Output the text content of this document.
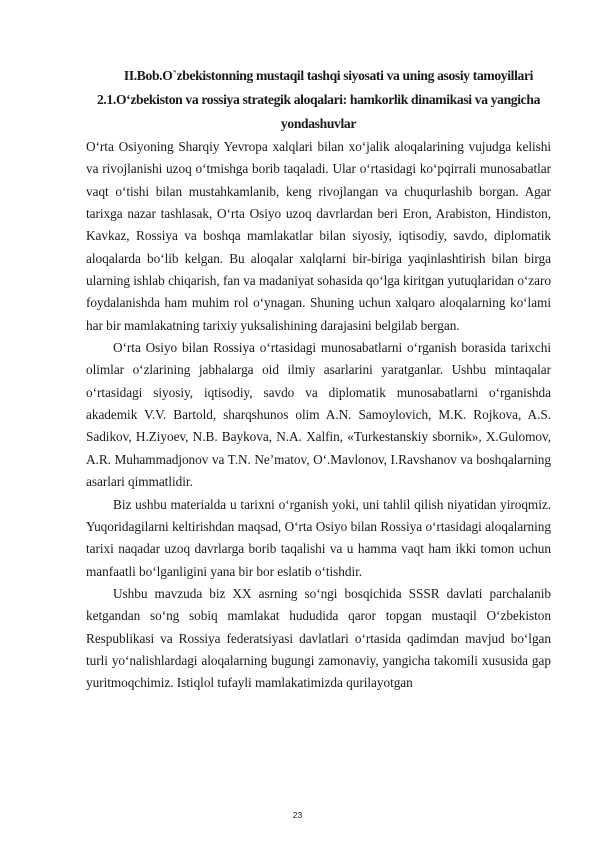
II.Bob.O`zbekistonning mustaqil tashqi siyosati va uning asosiy tamoyillari
2.1.O‘zbekiston va rossiya strategik aloqalari: hamkorlik dinamikasi va yangicha yondashuvlar

O‘rta Osiyoning Sharqiy Yevropa xalqlari bilan xo‘jalik aloqalarining vujudga kelishi va rivojlanishi uzoq o‘tmishga borib taqaladi. Ular o‘rtasidagi ko‘pqirrali munosabatlar vaqt o‘tishi bilan mustahkamlanib, keng rivojlangan va chuqurlashib borgan. Agar tarixga nazar tashlasak, O‘rta Osiyo uzoq davrlardan beri Eron, Arabiston, Hindiston, Kavkaz, Rossiya va boshqa mamlakatlar bilan siyosiy, iqtisodiy, savdo, diplomatik aloqalarda bo‘lib kelgan. Bu aloqalar xalqlarni bir-biriga yaqinlashtirish bilan birga ularning ishlab chiqarish, fan va madaniyat sohasida qo‘lga kiritgan yutuqlaridan o‘zaro foydalanishda ham muhim rol o‘ynagan. Shuning uchun xalqaro aloqalarning ko‘lami har bir mamlakatning tarixiy yuksalishining darajasini belgilab bergan.

O‘rta Osiyo bilan Rossiya o‘rtasidagi munosabatlarni o‘rganish borasida tarixchi olimlar o‘zlarining jabhalarga oid ilmiy asarlarini yaratganlar. Ushbu mintaqalar o‘rtasidagi siyosiy, iqtisodiy, savdo va diplomatik munosabatlarni o‘rganishda akademik V.V. Bartold, sharqshunos olim A.N. Samoylovich, M.K. Rojkova, A.S. Sadikov, H.Ziyoev, N.B. Baykova, N.A. Xalfin, «Turkestanskiy sbornik», X.Gulomov, A.R. Muhammadjonov va T.N. Ne’matov, O‘.Mavlonov, I.Ravshanov va boshqalarning asarlari qimmatlidir.

Biz ushbu materialda u tarixni o‘rganish yoki, uni tahlil qilish niyatidan yiroqmiz. Yuqoridagilarni keltirishdan maqsad, O‘rta Osiyo bilan Rossiya o‘rtasidagi aloqalarning tarixi naqadar uzoq davrlarga borib taqalishi va u hamma vaqt ham ikki tomon uchun manfaatli bo‘lganligini yana bir bor eslatib o‘tishdir.

Ushbu mavzuda biz XX asrning so‘ngi bosqichida SSSR davlati parchalanib ketgandan so‘ng sobiq mamlakat hududida qaror topgan mustaqil O‘zbekiston Respublikasi va Rossiya federatsiyasi davlatlari o‘rtasida qadimdan mavjud bo‘lgan turli yo‘nalishlardagi aloqalarning bugungi zamonaviy, yangicha takomili xususida gap yuritmoqchimiz. Istiqlol tufayli mamlakatimizda qurilayotgan

23
